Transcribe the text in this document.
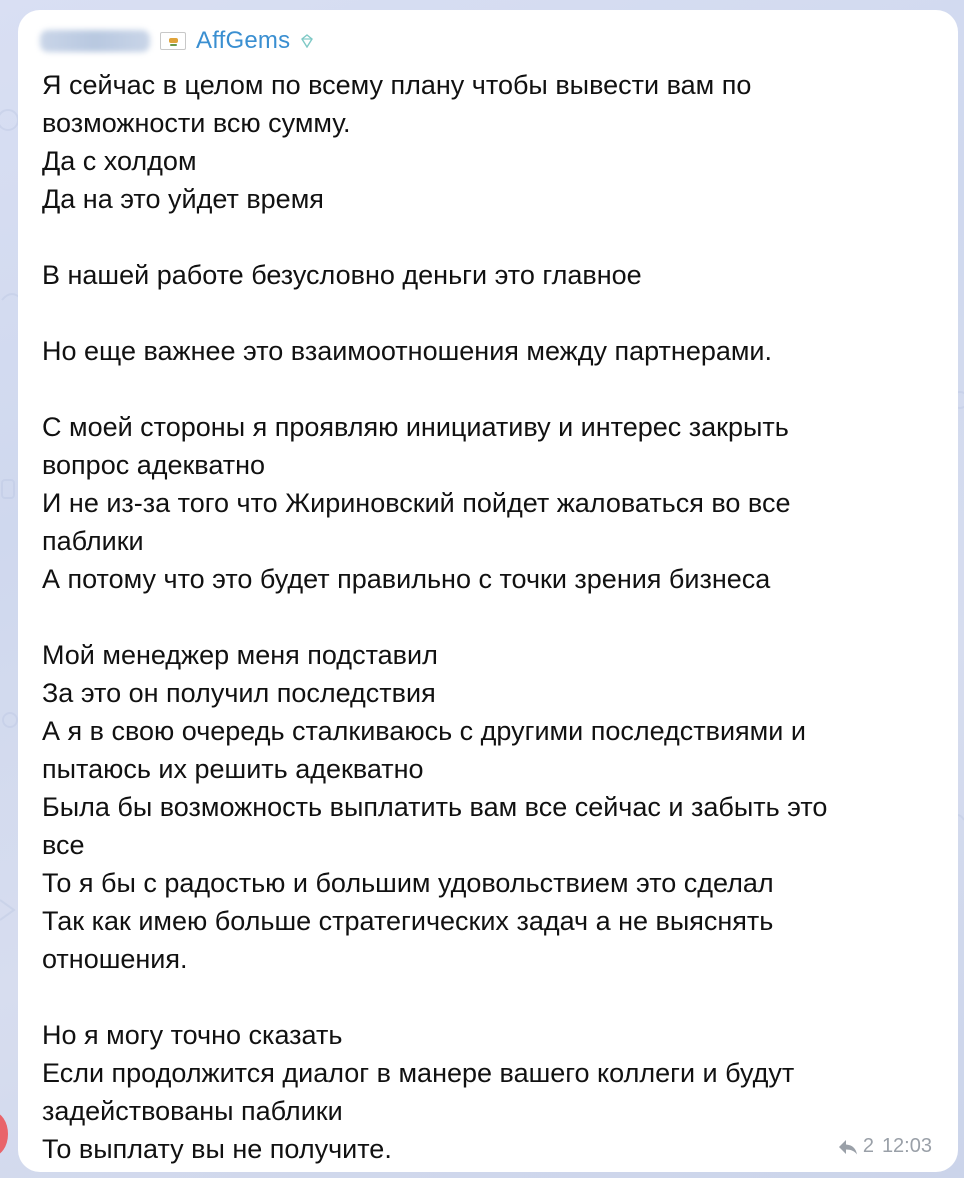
AffGems

Я сейчас в целом по всему плану чтобы вывести вам по
возможности всю сумму.
Да с холдом
Да на это уйдет время

В нашей работе безусловно деньги это главное

Но еще важнее это взаимоотношения между партнерами.

С моей стороны я проявляю инициативу и интерес закрыть
вопрос адекватно
И не из-за того что Жириновский пойдет жаловаться во все
паблики
А потому что это будет правильно с точки зрения бизнеса

Мой менеджер меня подставил
За это он получил последствия
А я в свою очередь сталкиваюсь с другими последствиями и
пытаюсь их решить адекватно
Была бы возможность выплатить вам все сейчас и забыть это
все
То я бы с радостью и большим удовольствием это сделал
Так как имею больше стратегических задач а не выяснять
отношения.

Но я могу точно сказать
Если продолжится диалог в манере вашего коллеги и будут
задействованы паблики
То выплату вы не получите.	2 12:03
